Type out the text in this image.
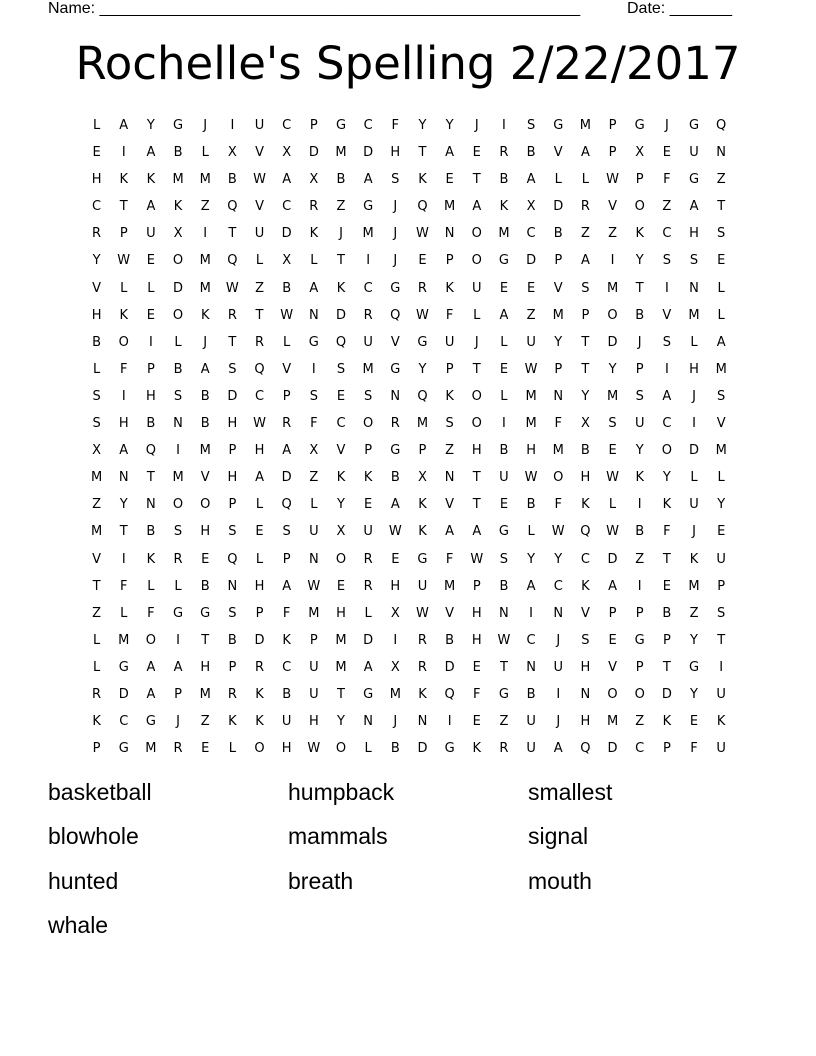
Name: ______________________________________________________	Date: _______
Rochelle's Spelling 2/22/2017
L	A	Y	G	J	I	U	C	P	G	C	F	Y	Y	J	I	S	G	M	P	G	J	G	Q
E	I	A	B	L	X	V	X	D	M	D	H	T	A	E	R	B	V	A	P	X	E	U	N
H	K	K	M	M	B	W	A	X	B	A	S	K	E	T	B	A	L	L	W	P	F	G	Z
C	T	A	K	Z	Q	V	C	R	Z	G	J	Q	M	A	K	X	D	R	V	O	Z	A	T
R	P	U	X	I	T	U	D	K	J	M	J	W	N	O	M	C	B	Z	Z	K	C	H	S
Y	W	E	O	M	Q	L	X	L	T	I	J	E	P	O	G	D	P	A	I	Y	S	S	E
V	L	L	D	M	W	Z	B	A	K	C	G	R	K	U	E	E	V	S	M	T	I	N	L
H	K	E	O	K	R	T	W	N	D	R	Q	W	F	L	A	Z	M	P	O	B	V	M	L
B	O	I	L	J	T	R	L	G	Q	U	V	G	U	J	L	U	Y	T	D	J	S	L	A
L	F	P	B	A	S	Q	V	I	S	M	G	Y	P	T	E	W	P	T	Y	P	I	H	M
S	I	H	S	B	D	C	P	S	E	S	N	Q	K	O	L	M	N	Y	M	S	A	J	S
S	H	B	N	B	H	W	R	F	C	O	R	M	S	O	I	M	F	X	S	U	C	I	V
X	A	Q	I	M	P	H	A	X	V	P	G	P	Z	H	B	H	M	B	E	Y	O	D	M
M	N	T	M	V	H	A	D	Z	K	K	B	X	N	T	U	W	O	H	W	K	Y	L	L
Z	Y	N	O	O	P	L	Q	L	Y	E	A	K	V	T	E	B	F	K	L	I	K	U	Y
M	T	B	S	H	S	E	S	U	X	U	W	K	A	A	G	L	W	Q	W	B	F	J	E
V	I	K	R	E	Q	L	P	N	O	R	E	G	F	W	S	Y	Y	C	D	Z	T	K	U
T	F	L	L	B	N	H	A	W	E	R	H	U	M	P	B	A	C	K	A	I	E	M	P
Z	L	F	G	G	S	P	F	M	H	L	X	W	V	H	N	I	N	V	P	P	B	Z	S
L	M	O	I	T	B	D	K	P	M	D	I	R	B	H	W	C	J	S	E	G	P	Y	T
L	G	A	A	H	P	R	C	U	M	A	X	R	D	E	T	N	U	H	V	P	T	G	I
R	D	A	P	M	R	K	B	U	T	G	M	K	Q	F	G	B	I	N	O	O	D	Y	U
K	C	G	J	Z	K	K	U	H	Y	N	J	N	I	E	Z	U	J	H	M	Z	K	E	K
P	G	M	R	E	L	O	H	W	O	L	B	D	G	K	R	U	A	Q	D	C	P	F	U
basketball	humpback	smallest
blowhole	mammals	signal
hunted	breath	mouth
whale
